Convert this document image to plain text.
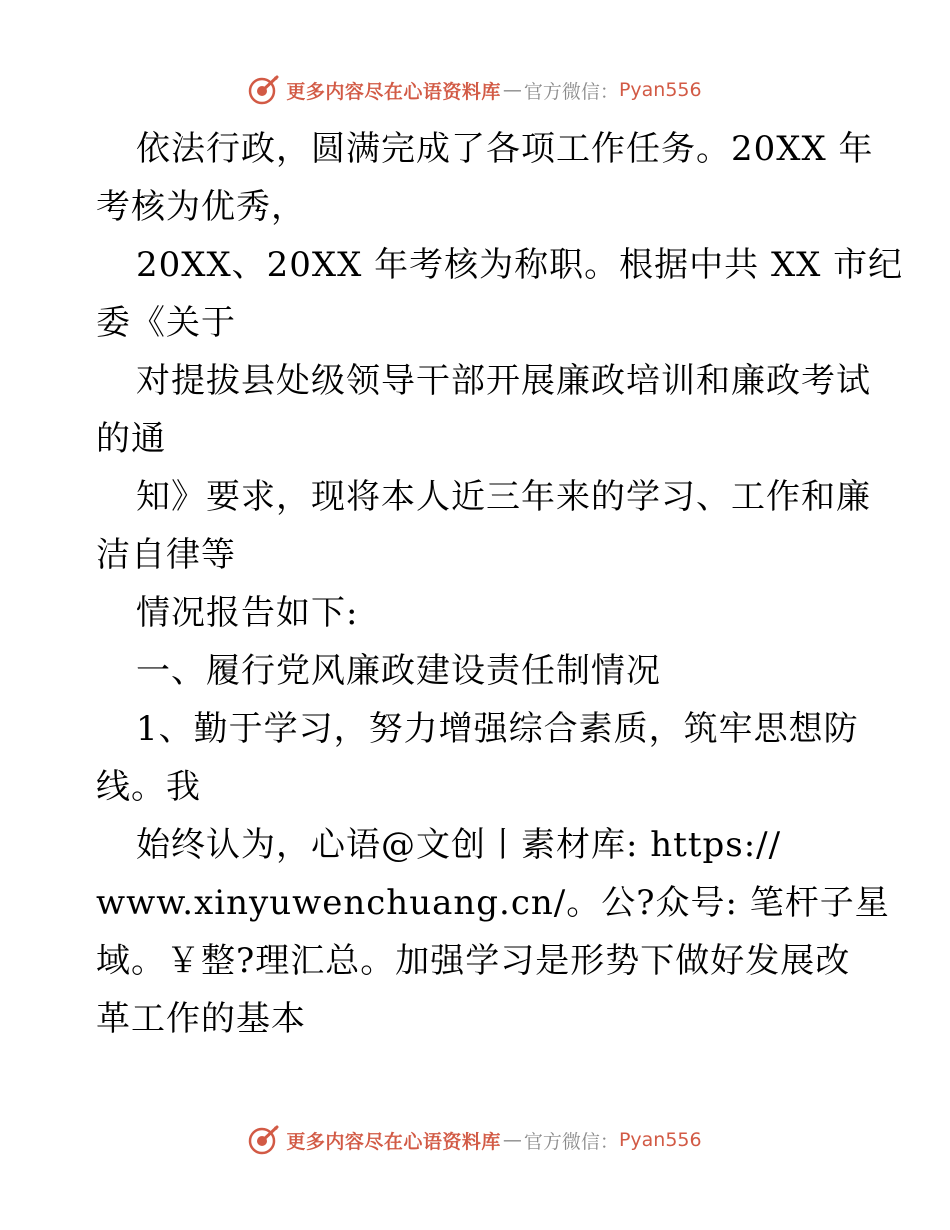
更多内容尽在心语资料库 — 官方微信： Pyan556
依法行政，圆满完成了各项工作任务。20XX 年
考核为优秀，
20XX、20XX 年考核为称职。根据中共 XX 市纪
委《关于
对提拔县处级领导干部开展廉政培训和廉政考试
的通
知》要求，现将本人近三年来的学习、工作和廉
洁自律等
情况报告如下:
一、履行党风廉政建设责任制情况
1、勤于学习，努力增强综合素质，筑牢思想防
线。我
始终认为，心语@文创丨素材库: https://
www.xinyuwenchuang.cn/。公?众号: 笔杆子星
域。￥整?理汇总。加强学习是形势下做好发展改
革工作的基本
更多内容尽在心语资料库 — 官方微信： Pyan556
